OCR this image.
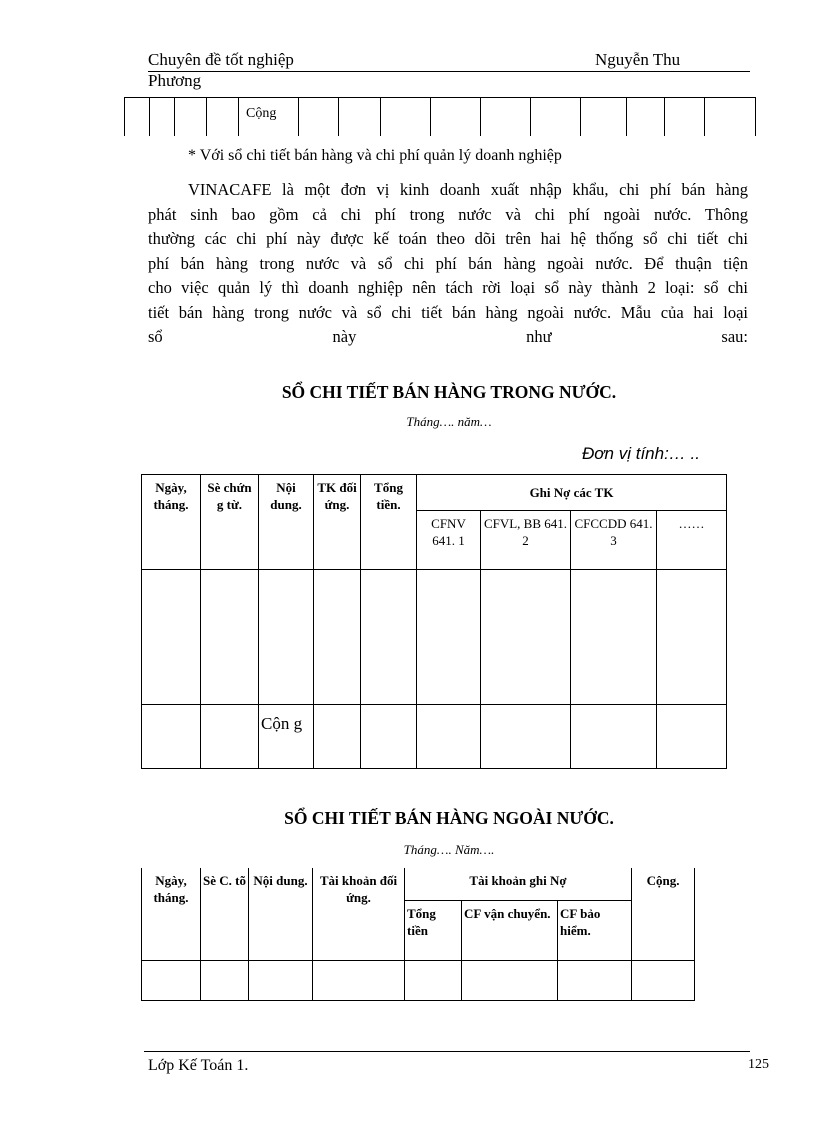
Chuyên đề tốt nghiệp	Nguyễn Thu
Phương
Cộng
* Với sổ chi tiết bán hàng và chi phí quản lý doanh nghiệp
VINACAFE là một đơn vị kinh doanh xuất nhập khẩu, chi phí bán hàng
phát sinh bao gồm cả chi phí trong nước và chi phí ngoài nước. Thông
thường các chi phí này được kế toán theo dõi trên hai hệ thống sổ chi tiết chi
phí bán hàng trong nước và sổ chi phí bán hàng ngoài nước. Để thuận tiện
cho việc quản lý thì doanh nghiệp nên tách rời loại sổ này thành 2 loại: sổ chi
tiết bán hàng trong nước và sổ chi tiết bán hàng ngoài nước. Mẫu của hai loại
sổ này như sau:
SỔ CHI TIẾT BÁN HÀNG TRONG NƯỚC.
Tháng…. năm…
Đơn vị tính:… ..
Ngày, tháng.	Sè chứn g từ.	Nội dung.	TK đối ứng.	Tổng tiền.	Ghi Nợ các TK			
					CFNV 641. 1	CFVL, BB 641. 2	CFCCDD 641. 3	……

		Cộn g						
SỔ CHI TIẾT BÁN HÀNG NGOÀI NƯỚC.
Tháng…. Năm….
Ngày, tháng.	Sè C. tõ	Nội dung.	Tài khoản đối ứng.	Tài khoản ghi Nợ			Cộng.
				Tổng tiền	CF vận chuyển.	CF bảo hiểm.	

Lớp Kế Toán 1.	125
